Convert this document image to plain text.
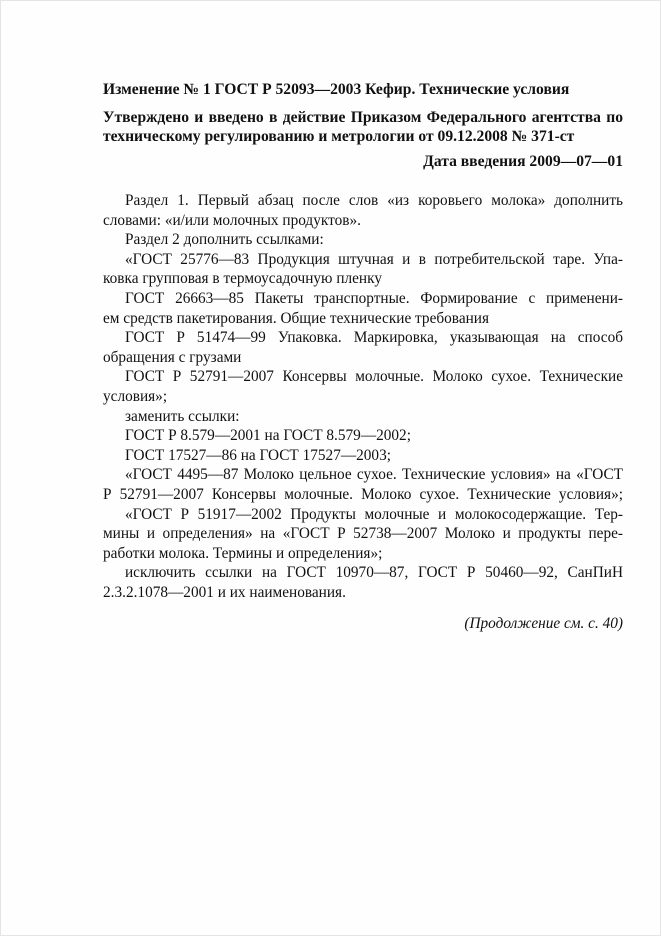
Изменение № 1 ГОСТ Р 52093—2003 Кефир. Технические условия

Утверждено и введено в действие Приказом Федерального агентства по

техническому регулированию и метрологии от 09.12.2008 № 371-ст

Дата введения 2009—07—01

Раздел 1. Первый абзац после слов «из коровьего молока» дополнить

словами: «и/или молочных продуктов».

Раздел 2 дополнить ссылками:

«ГОСТ 25776—83 Продукция штучная и в потребительской таре. Упа-

ковка групповая в термоусадочную пленку

ГОСТ 26663—85 Пакеты транспортные. Формирование с применени-

ем средств пакетирования. Общие технические требования

ГОСТ Р 51474—99 Упаковка. Маркировка, указывающая на способ

обращения с грузами

ГОСТ Р 52791—2007 Консервы молочные. Молоко сухое. Технические

условия»;

заменить ссылки:

ГОСТ Р 8.579—2001 на ГОСТ 8.579—2002;

ГОСТ 17527—86 на ГОСТ 17527—2003;

«ГОСТ 4495—87 Молоко цельное сухое. Технические условия» на «ГОСТ

Р 52791—2007 Консервы молочные. Молоко сухое. Технические условия»;

«ГОСТ Р 51917—2002 Продукты молочные и молокосодержащие. Тер-

мины и определения» на «ГОСТ Р 52738—2007 Молоко и продукты пере-

работки молока. Термины и определения»;

исключить ссылки на ГОСТ 10970—87, ГОСТ Р 50460—92, СанПиН

2.3.2.1078—2001 и их наименования.

(Продолжение см. с. 40)
